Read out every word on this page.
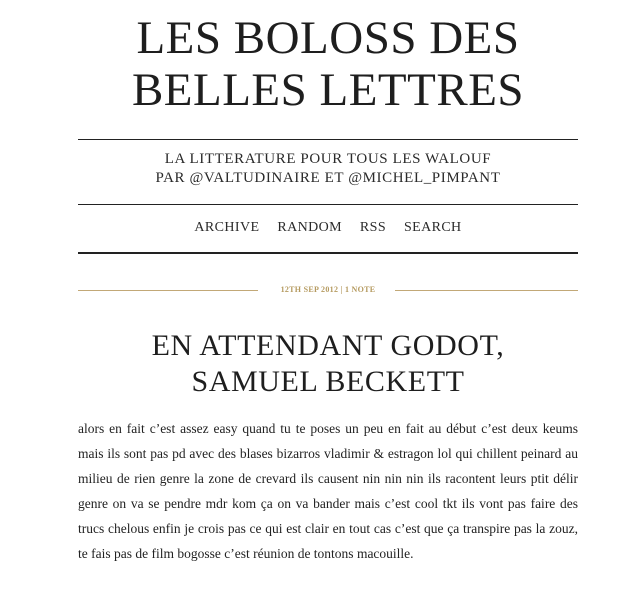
LES BOLOSS DES
BELLES LETTRES
LA LITTERATURE POUR TOUS LES WALOUF
PAR @VALTUDINAIRE ET @MICHEL_PIMPANT
ARCHIVE RANDOM RSS SEARCH
12TH SEP 2012 | 1 NOTE
EN ATTENDANT GODOT,
SAMUEL BECKETT

alors en fait c’est assez easy quand tu te poses un peu en fait au début c’est deux keums mais ils sont pas pd avec des blases bizarros vladimir & estragon lol qui chillent peinard au milieu de rien genre la zone de crevard ils causent nin nin nin ils racontent leurs ptit délir genre on va se pendre mdr kom ça on va bander mais c’est cool tkt ils vont pas faire des trucs chelous enfin je crois pas ce qui est clair en tout cas c’est que ça transpire pas la zouz, te fais pas de film bogosse c’est réunion de tontons macouille.
